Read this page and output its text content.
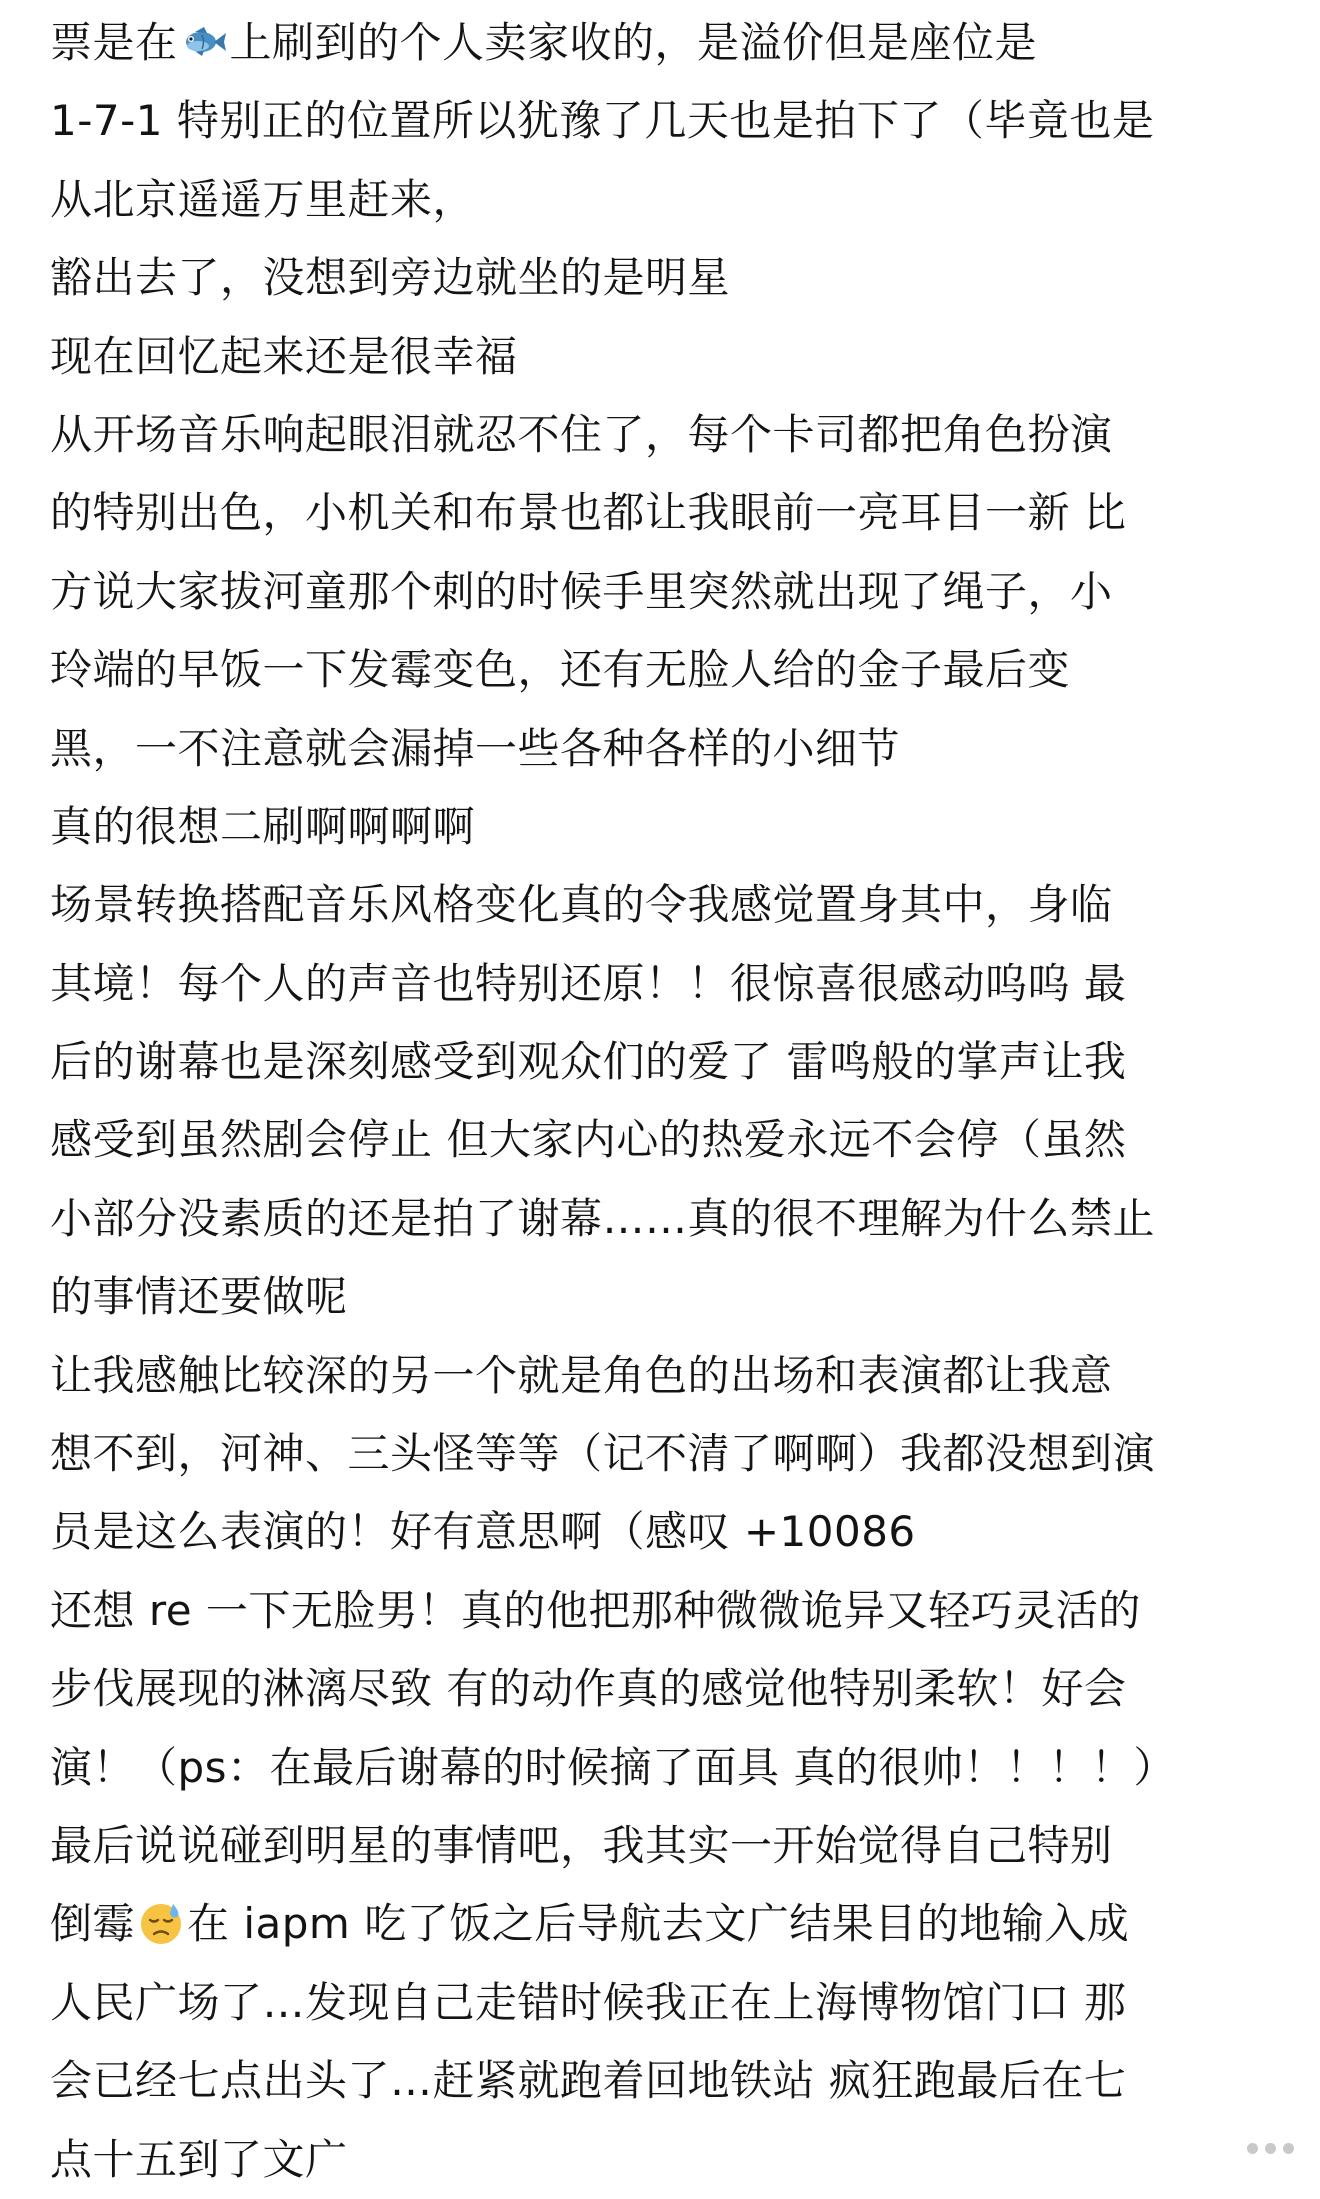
票是在 上刷到的个人卖家收的，是溢价但是座位是
1-7-1 特别正的位置所以犹豫了几天也是拍下了（毕竟也是
从北京遥遥万里赶来，
豁出去了，没想到旁边就坐的是明星
现在回忆起来还是很幸福
从开场音乐响起眼泪就忍不住了，每个卡司都把角色扮演
的特别出色，小机关和布景也都让我眼前一亮耳目一新 比
方说大家拔河童那个刺的时候手里突然就出现了绳子，小
玲端的早饭一下发霉变色，还有无脸人给的金子最后变
黑，一不注意就会漏掉一些各种各样的小细节
真的很想二刷啊啊啊啊
场景转换搭配音乐风格变化真的令我感觉置身其中，身临
其境！每个人的声音也特别还原！！很惊喜很感动呜呜 最
后的谢幕也是深刻感受到观众们的爱了 雷鸣般的掌声让我
感受到虽然剧会停止 但大家内心的热爱永远不会停（虽然
小部分没素质的还是拍了谢幕……真的很不理解为什么禁止
的事情还要做呢
让我感触比较深的另一个就是角色的出场和表演都让我意
想不到，河神、三头怪等等（记不清了啊啊）我都没想到演
员是这么表演的！好有意思啊（感叹 +10086
还想 re 一下无脸男！真的他把那种微微诡异又轻巧灵活的
步伐展现的淋漓尽致 有的动作真的感觉他特别柔软！好会
演！（ps：在最后谢幕的时候摘了面具 真的很帅！！！！）
最后说说碰到明星的事情吧，我其实一开始觉得自己特别
倒霉 在 iapm 吃了饭之后导航去文广结果目的地输入成
人民广场了…发现自己走错时候我正在上海博物馆门口 那
会已经七点出头了…赶紧就跑着回地铁站 疯狂跑最后在七
点十五到了文广
